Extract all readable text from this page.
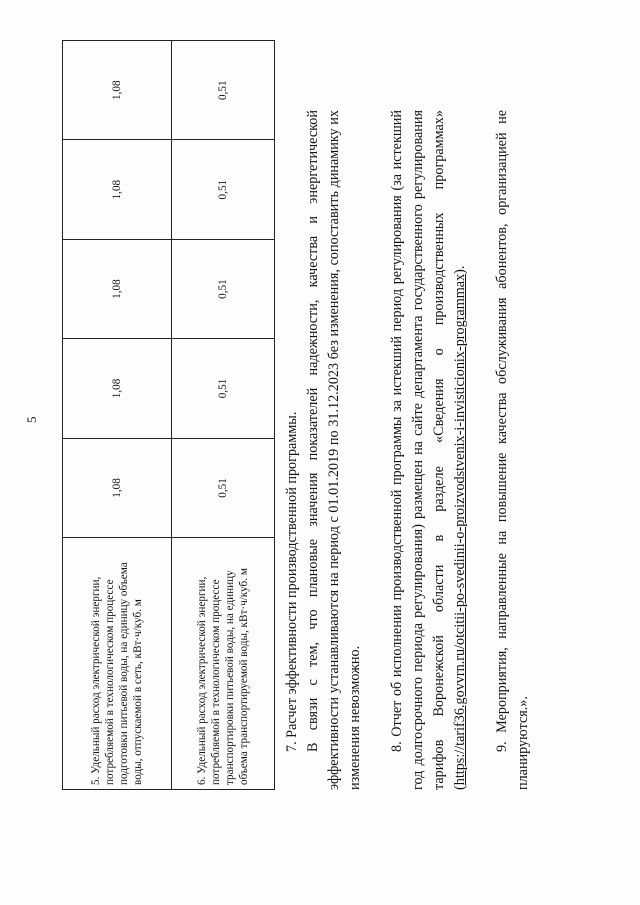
5
5. Удельный расход электрической энергии, потребляемой в технологическом процессе подготовки питьевой воды, на единицу объема воды, отпускаемой в сеть, кВт·ч/куб. м	1,08	1,08	1,08	1,08	1,08
6. Удельный расход электрической энергии, потребляемой в технологическом процессе транспортировки питьевой воды, на единицу объема транспортируемой воды, кВт·ч/куб. м	0,51	0,51	0,51	0,51	0,51

7. Расчет эффективности производственной программы. В связи с тем, что плановые значения показателей надежности, качества и энергетической эффективности устанавливаются на период с 01.01.2019 по 31.12.2023 без изменения, сопоставить динамику их изменения невозможно. 8. Отчет об исполнении производственной программы за истекший период регулирования (за истекший год долгосрочного периода регулирования) размещен на сайте департамента государственного регулирования тарифов Воронежской области в разделе «Сведения о производственных программах» (https://tarif36.govvrn.ru/otcitii-po-svedinii-o-proizvodstvenix-i-invisticionix-programmax). 9. Мероприятия, направленные на повышение качества обслуживания абонентов, организацией не планируются.».
